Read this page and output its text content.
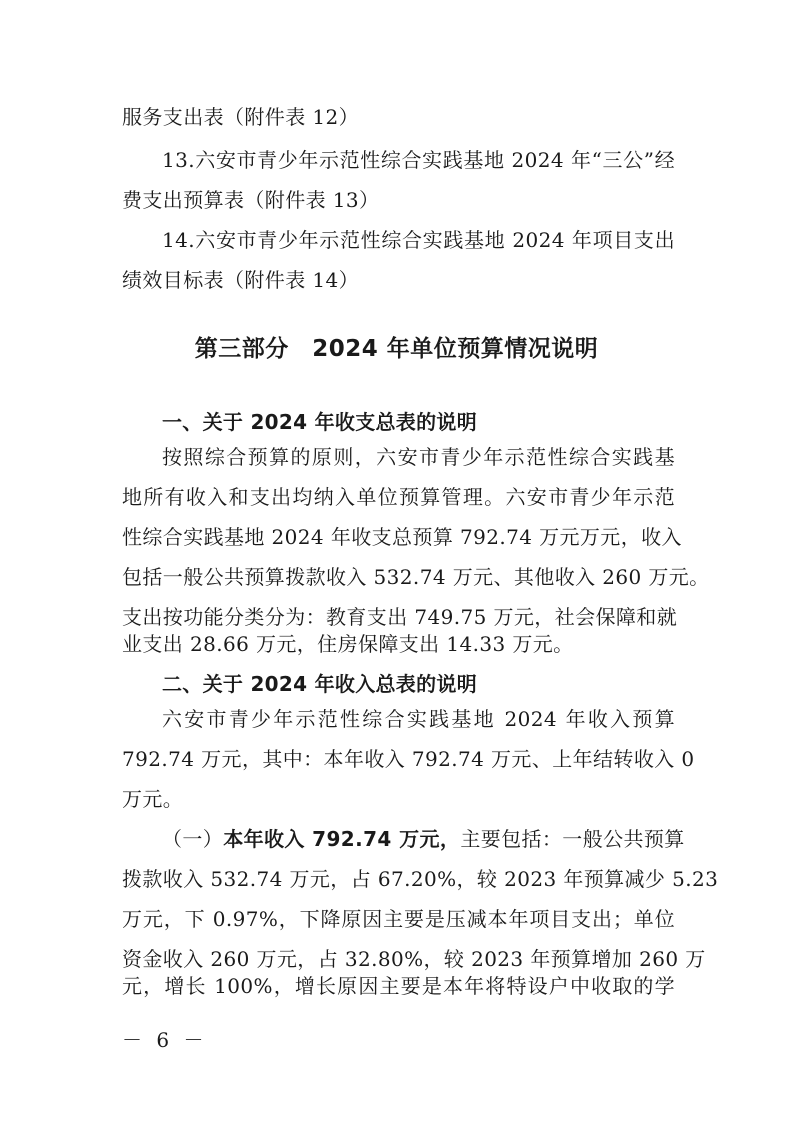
服务支出表（附件表 12）
13.六安市青少年示范性综合实践基地 2024 年“三公”经
费支出预算表（附件表 13）
14.六安市青少年示范性综合实践基地 2024 年项目支出
绩效目标表（附件表 14）
第三部分　2024 年单位预算情况说明
一、关于 2024 年收支总表的说明
按照综合预算的原则，六安市青少年示范性综合实践基
地所有收入和支出均纳入单位预算管理。六安市青少年示范
性综合实践基地 2024 年收支总预算 792.74 万元万元，收入
包括一般公共预算拨款收入 532.74 万元、其他收入 260 万元。
支出按功能分类分为：教育支出 749.75 万元，社会保障和就
业支出 28.66 万元，住房保障支出 14.33 万元。
二、关于 2024 年收入总表的说明
六安市青少年示范性综合实践基地 2024 年收入预算
792.74 万元，其中：本年收入 792.74 万元、上年结转收入 0
万元。
（一）本年收入 792.74 万元，主要包括：一般公共预算
拨款收入 532.74 万元，占 67.20%，较 2023 年预算减少 5.23
万元，下 0.97%，下降原因主要是压减本年项目支出；单位
资金收入 260 万元，占 32.80%，较 2023 年预算增加 260 万
元，增长 100%，增长原因主要是本年将特设户中收取的学
－ 6 －
